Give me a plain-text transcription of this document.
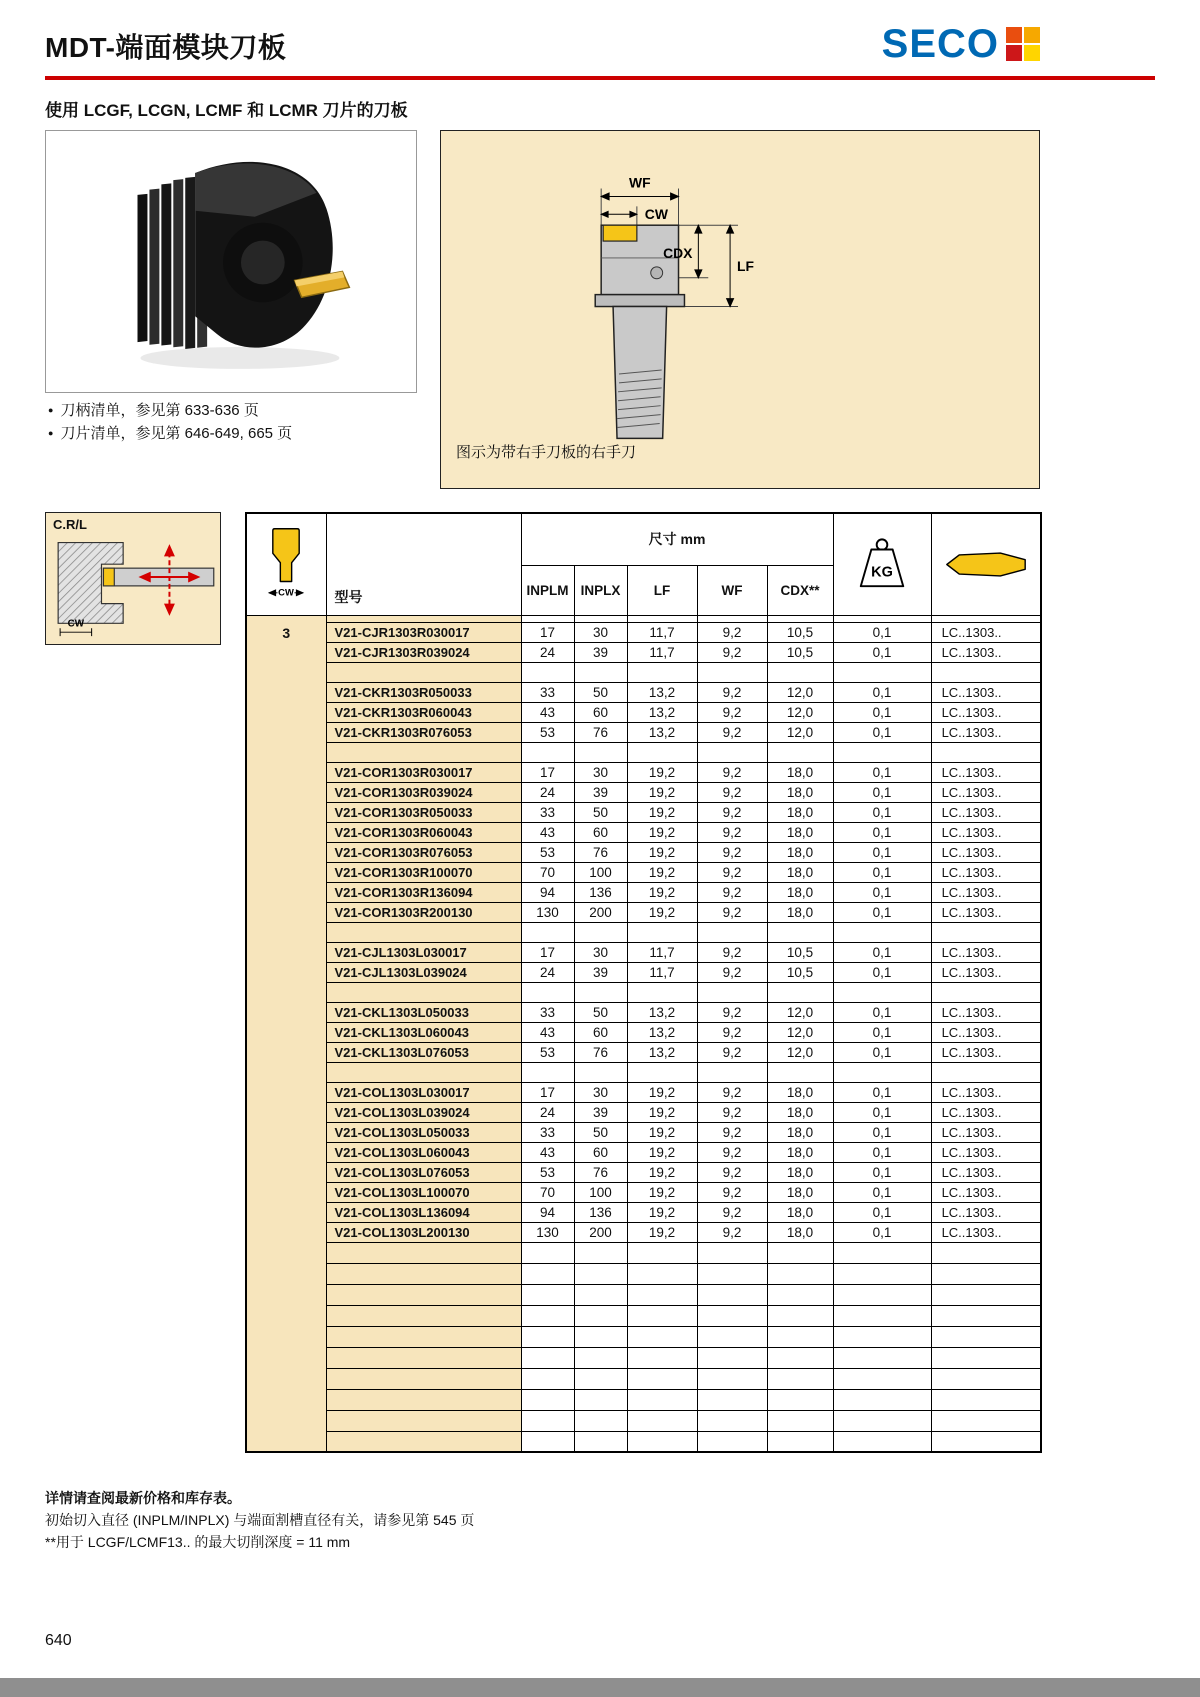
MDT-端面模块刀板	SECO
使用 LCGF, LCGN, LCMF 和 LCMR 刀片的刀板
● 刀柄清单，参见第 633-636 页
● 刀片清单，参见第 646-649, 665 页
WF
CW
CDX
LF
图示为带右手刀板的右手刀
C.R/L
CW
CW	型号	尺寸 mm					KG

		INPLM	INPLX	LF	WF	CDX**		

3								

	V21-CJR1303R030017	17	30	11,7	9,2	10,5	0,1	LC..1303..
	V21-CJR1303R039024	24	39	11,7	9,2	10,5	0,1	LC..1303..

	V21-CKR1303R050033	33	50	13,2	9,2	12,0	0,1	LC..1303..
	V21-CKR1303R060043	43	60	13,2	9,2	12,0	0,1	LC..1303..
	V21-CKR1303R076053	53	76	13,2	9,2	12,0	0,1	LC..1303..

	V21-COR1303R030017	17	30	19,2	9,2	18,0	0,1	LC..1303..
	V21-COR1303R039024	24	39	19,2	9,2	18,0	0,1	LC..1303..
	V21-COR1303R050033	33	50	19,2	9,2	18,0	0,1	LC..1303..
	V21-COR1303R060043	43	60	19,2	9,2	18,0	0,1	LC..1303..
	V21-COR1303R076053	53	76	19,2	9,2	18,0	0,1	LC..1303..
	V21-COR1303R100070	70	100	19,2	9,2	18,0	0,1	LC..1303..
	V21-COR1303R136094	94	136	19,2	9,2	18,0	0,1	LC..1303..
	V21-COR1303R200130	130	200	19,2	9,2	18,0	0,1	LC..1303..

	V21-CJL1303L030017	17	30	11,7	9,2	10,5	0,1	LC..1303..
	V21-CJL1303L039024	24	39	11,7	9,2	10,5	0,1	LC..1303..

	V21-CKL1303L050033	33	50	13,2	9,2	12,0	0,1	LC..1303..
	V21-CKL1303L060043	43	60	13,2	9,2	12,0	0,1	LC..1303..
	V21-CKL1303L076053	53	76	13,2	9,2	12,0	0,1	LC..1303..

	V21-COL1303L030017	17	30	19,2	9,2	18,0	0,1	LC..1303..
	V21-COL1303L039024	24	39	19,2	9,2	18,0	0,1	LC..1303..
	V21-COL1303L050033	33	50	19,2	9,2	18,0	0,1	LC..1303..
	V21-COL1303L060043	43	60	19,2	9,2	18,0	0,1	LC..1303..
	V21-COL1303L076053	53	76	19,2	9,2	18,0	0,1	LC..1303..
	V21-COL1303L100070	70	100	19,2	9,2	18,0	0,1	LC..1303..
	V21-COL1303L136094	94	136	19,2	9,2	18,0	0,1	LC..1303..
	V21-COL1303L200130	130	200	19,2	9,2	18,0	0,1	LC..1303..

详情请查阅最新价格和库存表。

初始切入直径 (INPLM/INPLX) 与端面割槽直径有关，请参见第 545 页

**用于 LCGF/LCMF13.. 的最大切削深度 = 11 mm

640
